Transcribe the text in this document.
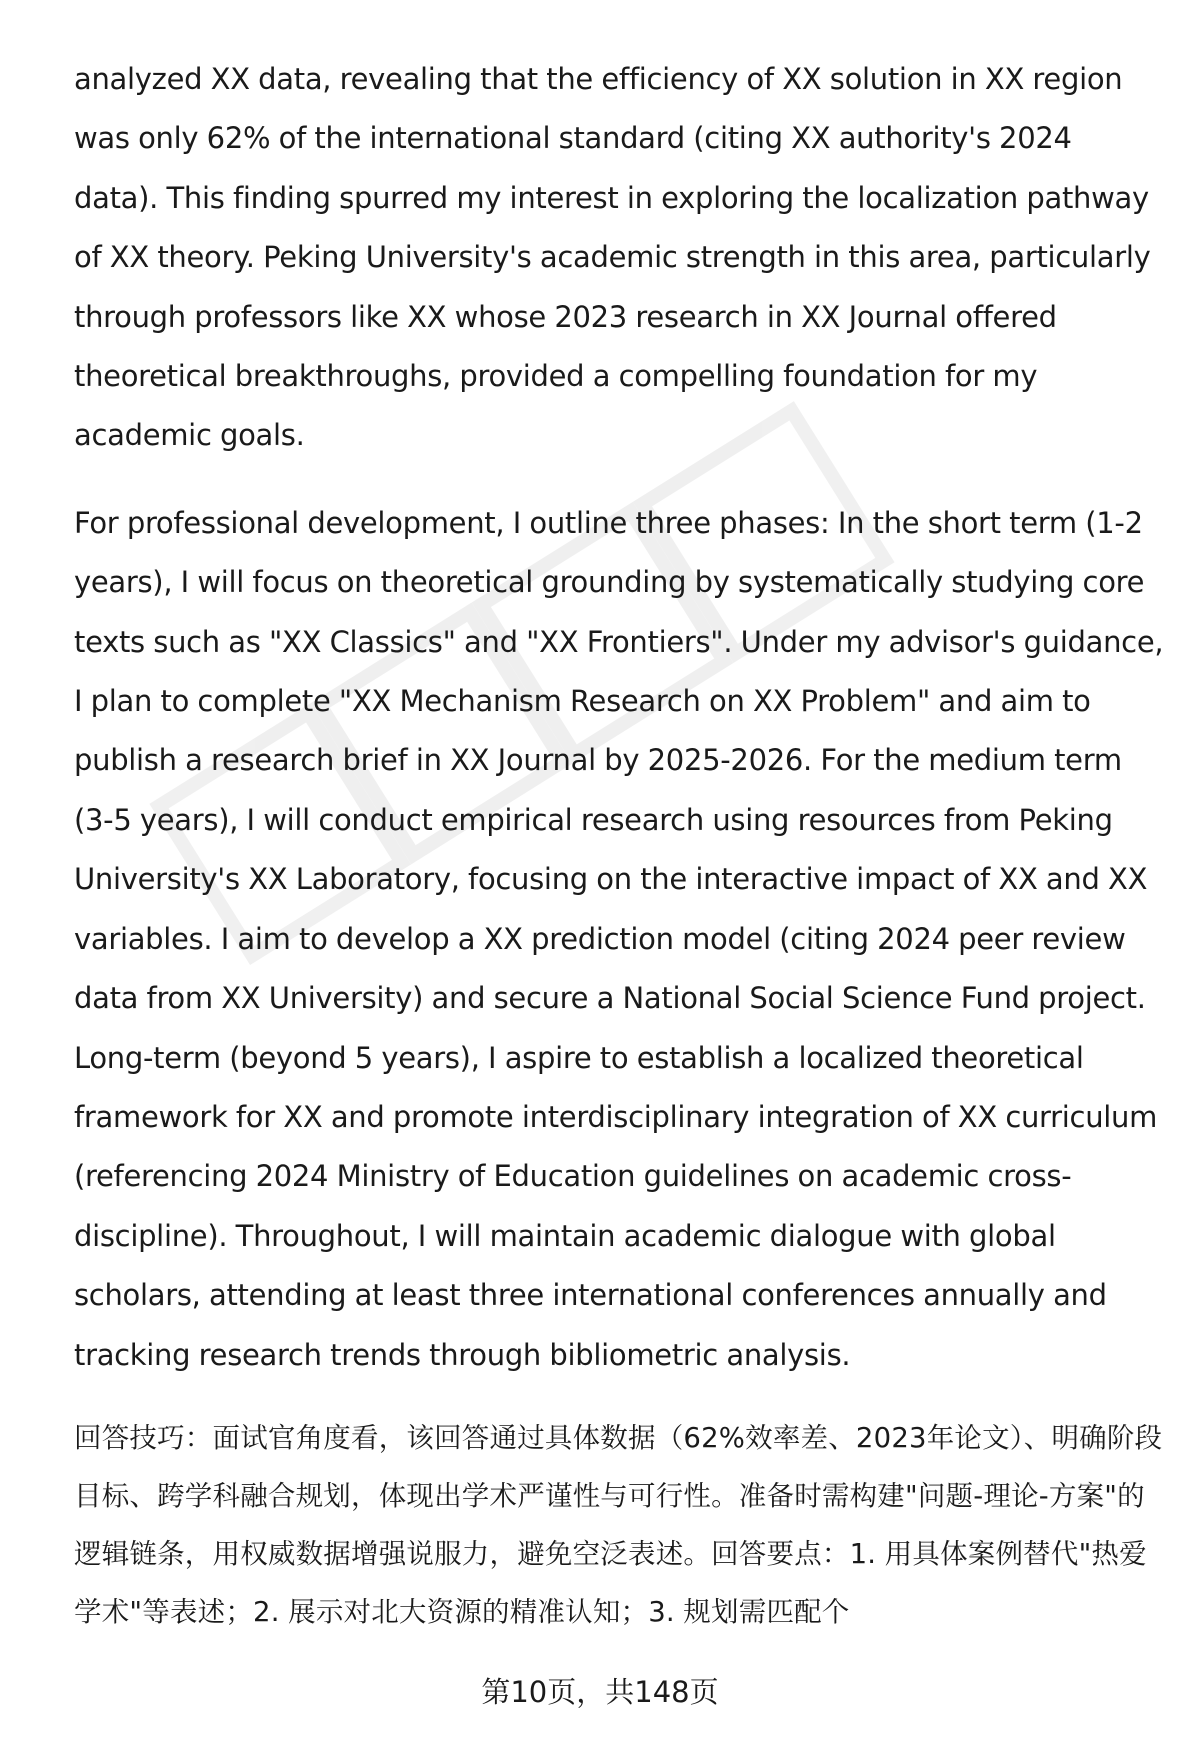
analyzed XX data, revealing that the efficiency of XX solution in XX region was only 62% of the international standard (citing XX authority's 2024 data). This finding spurred my interest in exploring the localization pathway of XX theory. Peking University's academic strength in this area, particularly through professors like XX whose 2023 research in XX Journal offered theoretical breakthroughs, provided a compelling foundation for my academic goals.

For professional development, I outline three phases: In the short term (1-2 years), I will focus on theoretical grounding by systematically studying core texts such as "XX Classics" and "XX Frontiers". Under my advisor's guidance, I plan to complete "XX Mechanism Research on XX Problem" and aim to publish a research brief in XX Journal by 2025-2026. For the medium term (3-5 years), I will conduct empirical research using resources from Peking University's XX Laboratory, focusing on the interactive impact of XX and XX variables. I aim to develop a XX prediction model (citing 2024 peer review data from XX University) and secure a National Social Science Fund project. Long-term (beyond 5 years), I aspire to establish a localized theoretical framework for XX and promote interdisciplinary integration of XX curriculum (referencing 2024 Ministry of Education guidelines on academic cross-discipline). Throughout, I will maintain academic dialogue with global scholars, attending at least three international conferences annually and tracking research trends through bibliometric analysis.

回答技巧：面试官角度看，该回答通过具体数据（62%效率差、2023年论文）、明确阶段目标、跨学科融合规划，体现出学术严谨性与可行性。准备时需构建"问题-理论-方案"的逻辑链条，用权威数据增强说服力，避免空泛表述。回答要点：1. 用具体案例替代"热爱学术"等表述；2. 展示对北大资源的精准认知；3. 规划需匹配个

第10页，共148页
